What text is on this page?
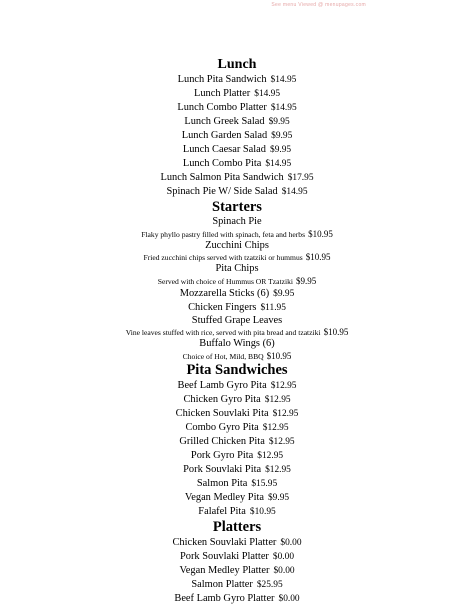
See menu Viewed @ menupages.com
Lunch
Lunch Pita Sandwich $14.95
Lunch Platter $14.95
Lunch Combo Platter $14.95
Lunch Greek Salad $9.95
Lunch Garden Salad $9.95
Lunch Caesar Salad $9.95
Lunch Combo Pita $14.95
Lunch Salmon Pita Sandwich $17.95
Spinach Pie W/ Side Salad $14.95
Starters
Spinach Pie
Flaky phyllo pastry filled with spinach, feta and herbs $10.95
Zucchini Chips
Fried zucchini chips served with tzatziki or hummus $10.95
Pita Chips
Served with choice of Hummus OR Tzatziki $9.95
Mozzarella Sticks (6) $9.95
Chicken Fingers $11.95
Stuffed Grape Leaves
Vine leaves stuffed with rice, served with pita bread and tzatziki $10.95
Buffalo Wings (6)
Choice of Hot, Mild, BBQ $10.95
Pita Sandwiches
Beef Lamb Gyro Pita $12.95
Chicken Gyro Pita $12.95
Chicken Souvlaki Pita $12.95
Combo Gyro Pita $12.95
Grilled Chicken Pita $12.95
Pork Gyro Pita $12.95
Pork Souvlaki Pita $12.95
Salmon Pita $15.95
Vegan Medley Pita $9.95
Falafel Pita $10.95
Platters
Chicken Souvlaki Platter $0.00
Pork Souvlaki Platter $0.00
Vegan Medley Platter $0.00
Salmon Platter $25.95
Beef Lamb Gyro Platter $0.00
